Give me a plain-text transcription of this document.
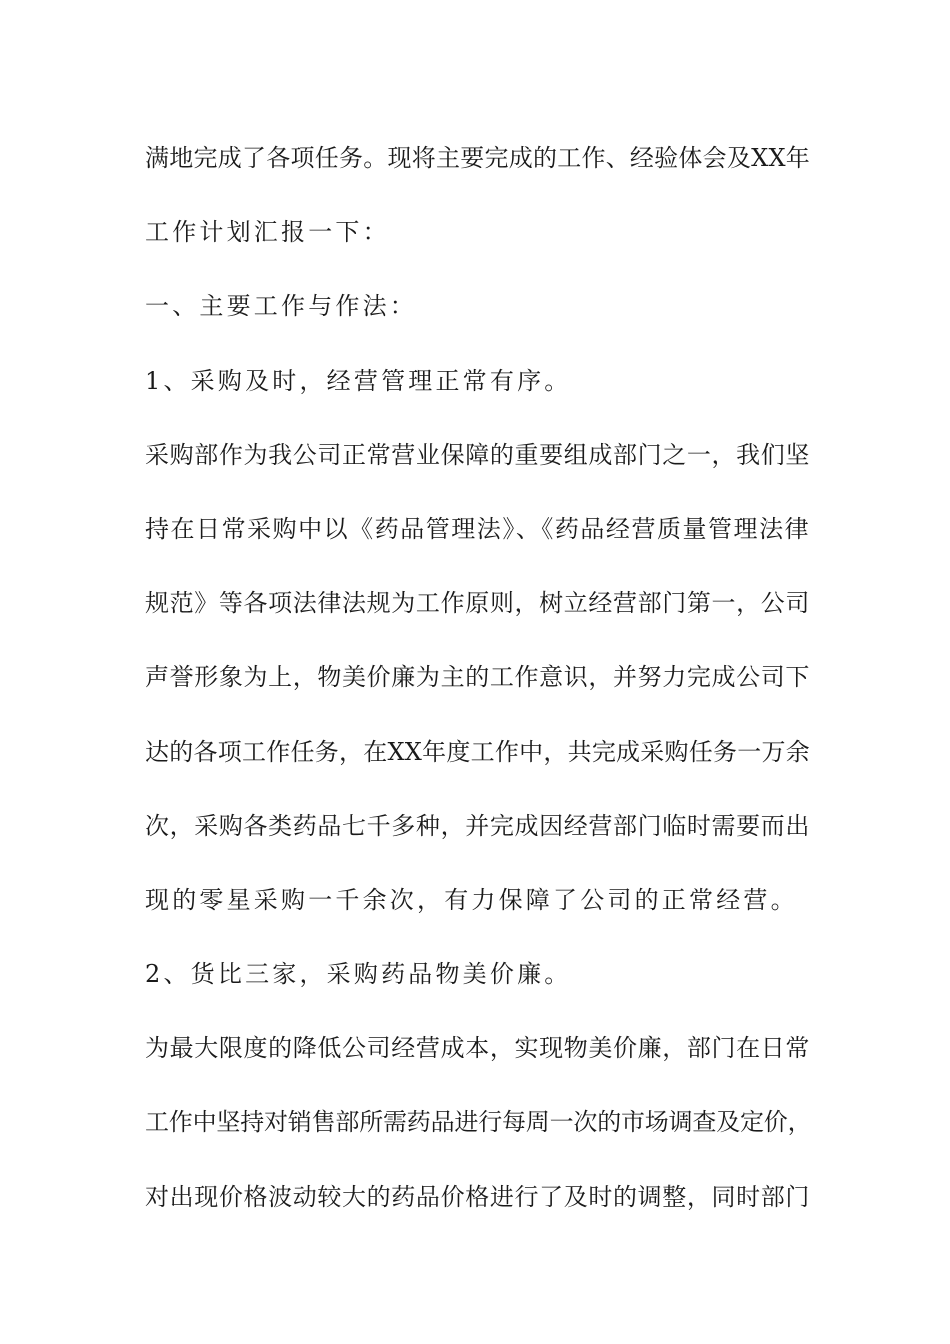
满地完成了各项任务。现将主要完成的工作、经验体会及XX年
工作计划汇报一下：
一、主要工作与作法：
1、采购及时，经营管理正常有序。
采购部作为我公司正常营业保障的重要组成部门之一，我们坚
持在日常采购中以《药品管理法》、《药品经营质量管理法律
规范》等各项法律法规为工作原则，树立经营部门第一，公司
声誉形象为上，物美价廉为主的工作意识，并努力完成公司下
达的各项工作任务，在XX年度工作中，共完成采购任务一万余
次，采购各类药品七千多种，并完成因经营部门临时需要而出
现的零星采购一千余次，有力保障了公司的正常经营。
2、货比三家，采购药品物美价廉。
为最大限度的降低公司经营成本，实现物美价廉，部门在日常
工作中坚持对销售部所需药品进行每周一次的市场调查及定价，
对出现价格波动较大的药品价格进行了及时的调整，同时部门
